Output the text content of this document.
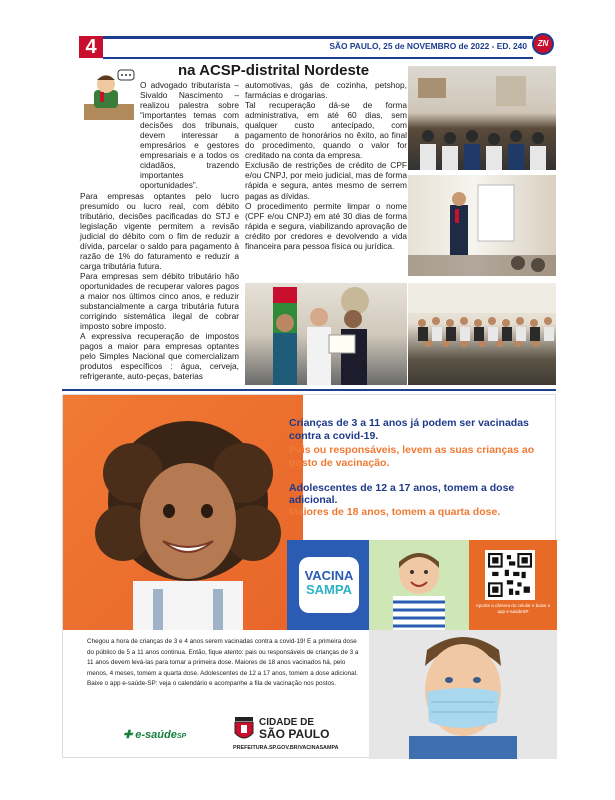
4	SÃO PAULO, 25 de NOVEMBRO de 2022 - ED. 240	ZN
na ACSP-distrital Nordeste

O advogado tributarista – Sivaldo Nascimento – realizou palestra sobre “importantes temas com decisões dos tribunais, devem interessar a empresários e gestores empresariais e a todos os cidadãos, trazendo importantes oportunidades”.

Para empresas optantes pelo lucro presumido ou lucro real, com débito tributário, decisões pacificadas do STJ e legislação vigente permitem a revisão judicial do débito com o fim de reduzir a dívida, parcelar o saldo para pagamento à razão de 1% do faturamento e reduzir a carga tributária futura.

Para empresas sem débito tributário hão oportunidades de recuperar valores pagos a maior nos últimos cinco anos, e reduzir substancialmente a carga tributária futura corrigindo sistemática ilegal de cobrar imposto sobre imposto.

A expressiva recuperação de impostos pagos a maior para empresas optantes pelo Simples Nacional que comercializam produtos específicos : água, cerveja, refrigerante, auto-peças, baterias

automotivas, gás de cozinha, petshop, farmácias e drogarias.

Tal recuperação dá-se de forma administrativa, em até 60 dias, sem qualquer custo antecipado, com pagamento de honorários no êxito, ao final do procedimento, quando o valor for creditado na conta da empresa.

Exclusão de restrições de crédito de CPF e/ou CNPJ, por meio judicial, mas de forma rápida e segura, antes mesmo de serrem pagas as dívidas.

O procedimento permite limpar o nome (CPF e/ou CNPJ) em até 30 dias de forma rápida e segura, viabilizando aprovação de crédito por credores e devolvendo a vida financeira para pessoa física ou jurídica.

Crianças de 3 a 11 anos já podem ser vacinadas contra a covid-19.
Pais ou responsáveis, levem as suas crianças ao posto de vacinação.
Adolescentes de 12 a 17 anos, tomem a dose adicional.
Maiores de 18 anos, tomem a quarta dose.
VACINA
SAMPA
Aponte a câmera do celular e baixe o app e-saúdeSP
Chegou a hora de crianças de 3 e 4 anos serem vacinadas contra a covid-19! E a primeira dose do público de 5 a 11 anos continua. Então, fique atento: pais ou responsáveis de crianças de 3 a 11 anos devem levá-las para tomar a primeira dose. Maiores de 18 anos vacinados há, pelo menos, 4 meses, tomem a quarta dose. Adolescentes de 12 a 17 anos, tomem a dose adicional. Baixe o app e-saúde-SP: veja o calendário e acompanhe a fila de vacinação nos postos.
✚ e-saúdeSP
CIDADE DE
SÃO PAULO
PREFEITURA.SP.GOV.BR/VACINASAMPA
